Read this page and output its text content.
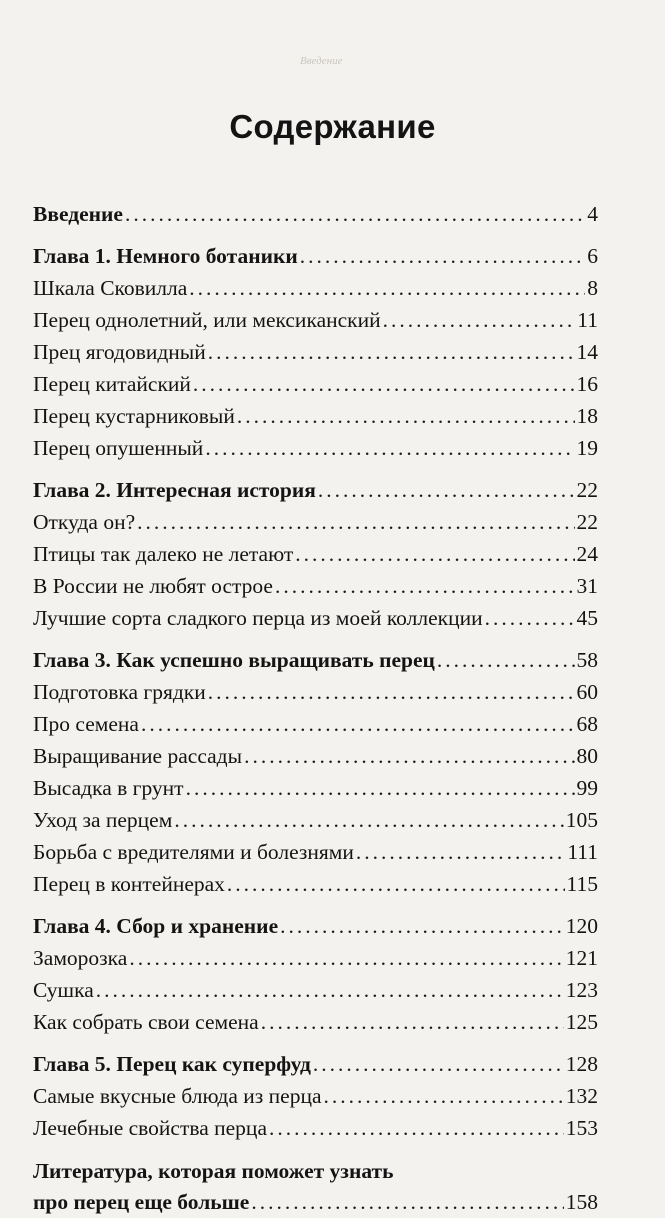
Введение
Содержание
Введение .....	4
Глава 1. Немного ботаники .....	6
Шкала Сковилла .....	8
Перец однолетний, или мексиканский .....	11
Прец ягодовидный .....	14
Перец китайский .....	16
Перец кустарниковый .....	18
Перец опушенный .....	19
Глава 2. Интересная история .....	22
Откуда он? .....	22
Птицы так далеко не летают .....	24
В России не любят острое .....	31
Лучшие сорта сладкого перца из моей коллекции .....	45
Глава 3. Как успешно выращивать перец .....	58
Подготовка грядки .....	60
Про семена .....	68
Выращивание рассады .....	80
Высадка в грунт .....	99
Уход за перцем .....	105
Борьба с вредителями и болезнями .....	111
Перец в контейнерах .....	115
Глава 4. Сбор и хранение .....	120
Заморозка .....	121
Сушка .....	123
Как собрать свои семена .....	125
Глава 5. Перец как суперфуд .....	128
Самые вкусные блюда из перца .....	132
Лечебные свойства перца .....	153
Литература, которая поможет узнать
про перец еще больше .....	158
